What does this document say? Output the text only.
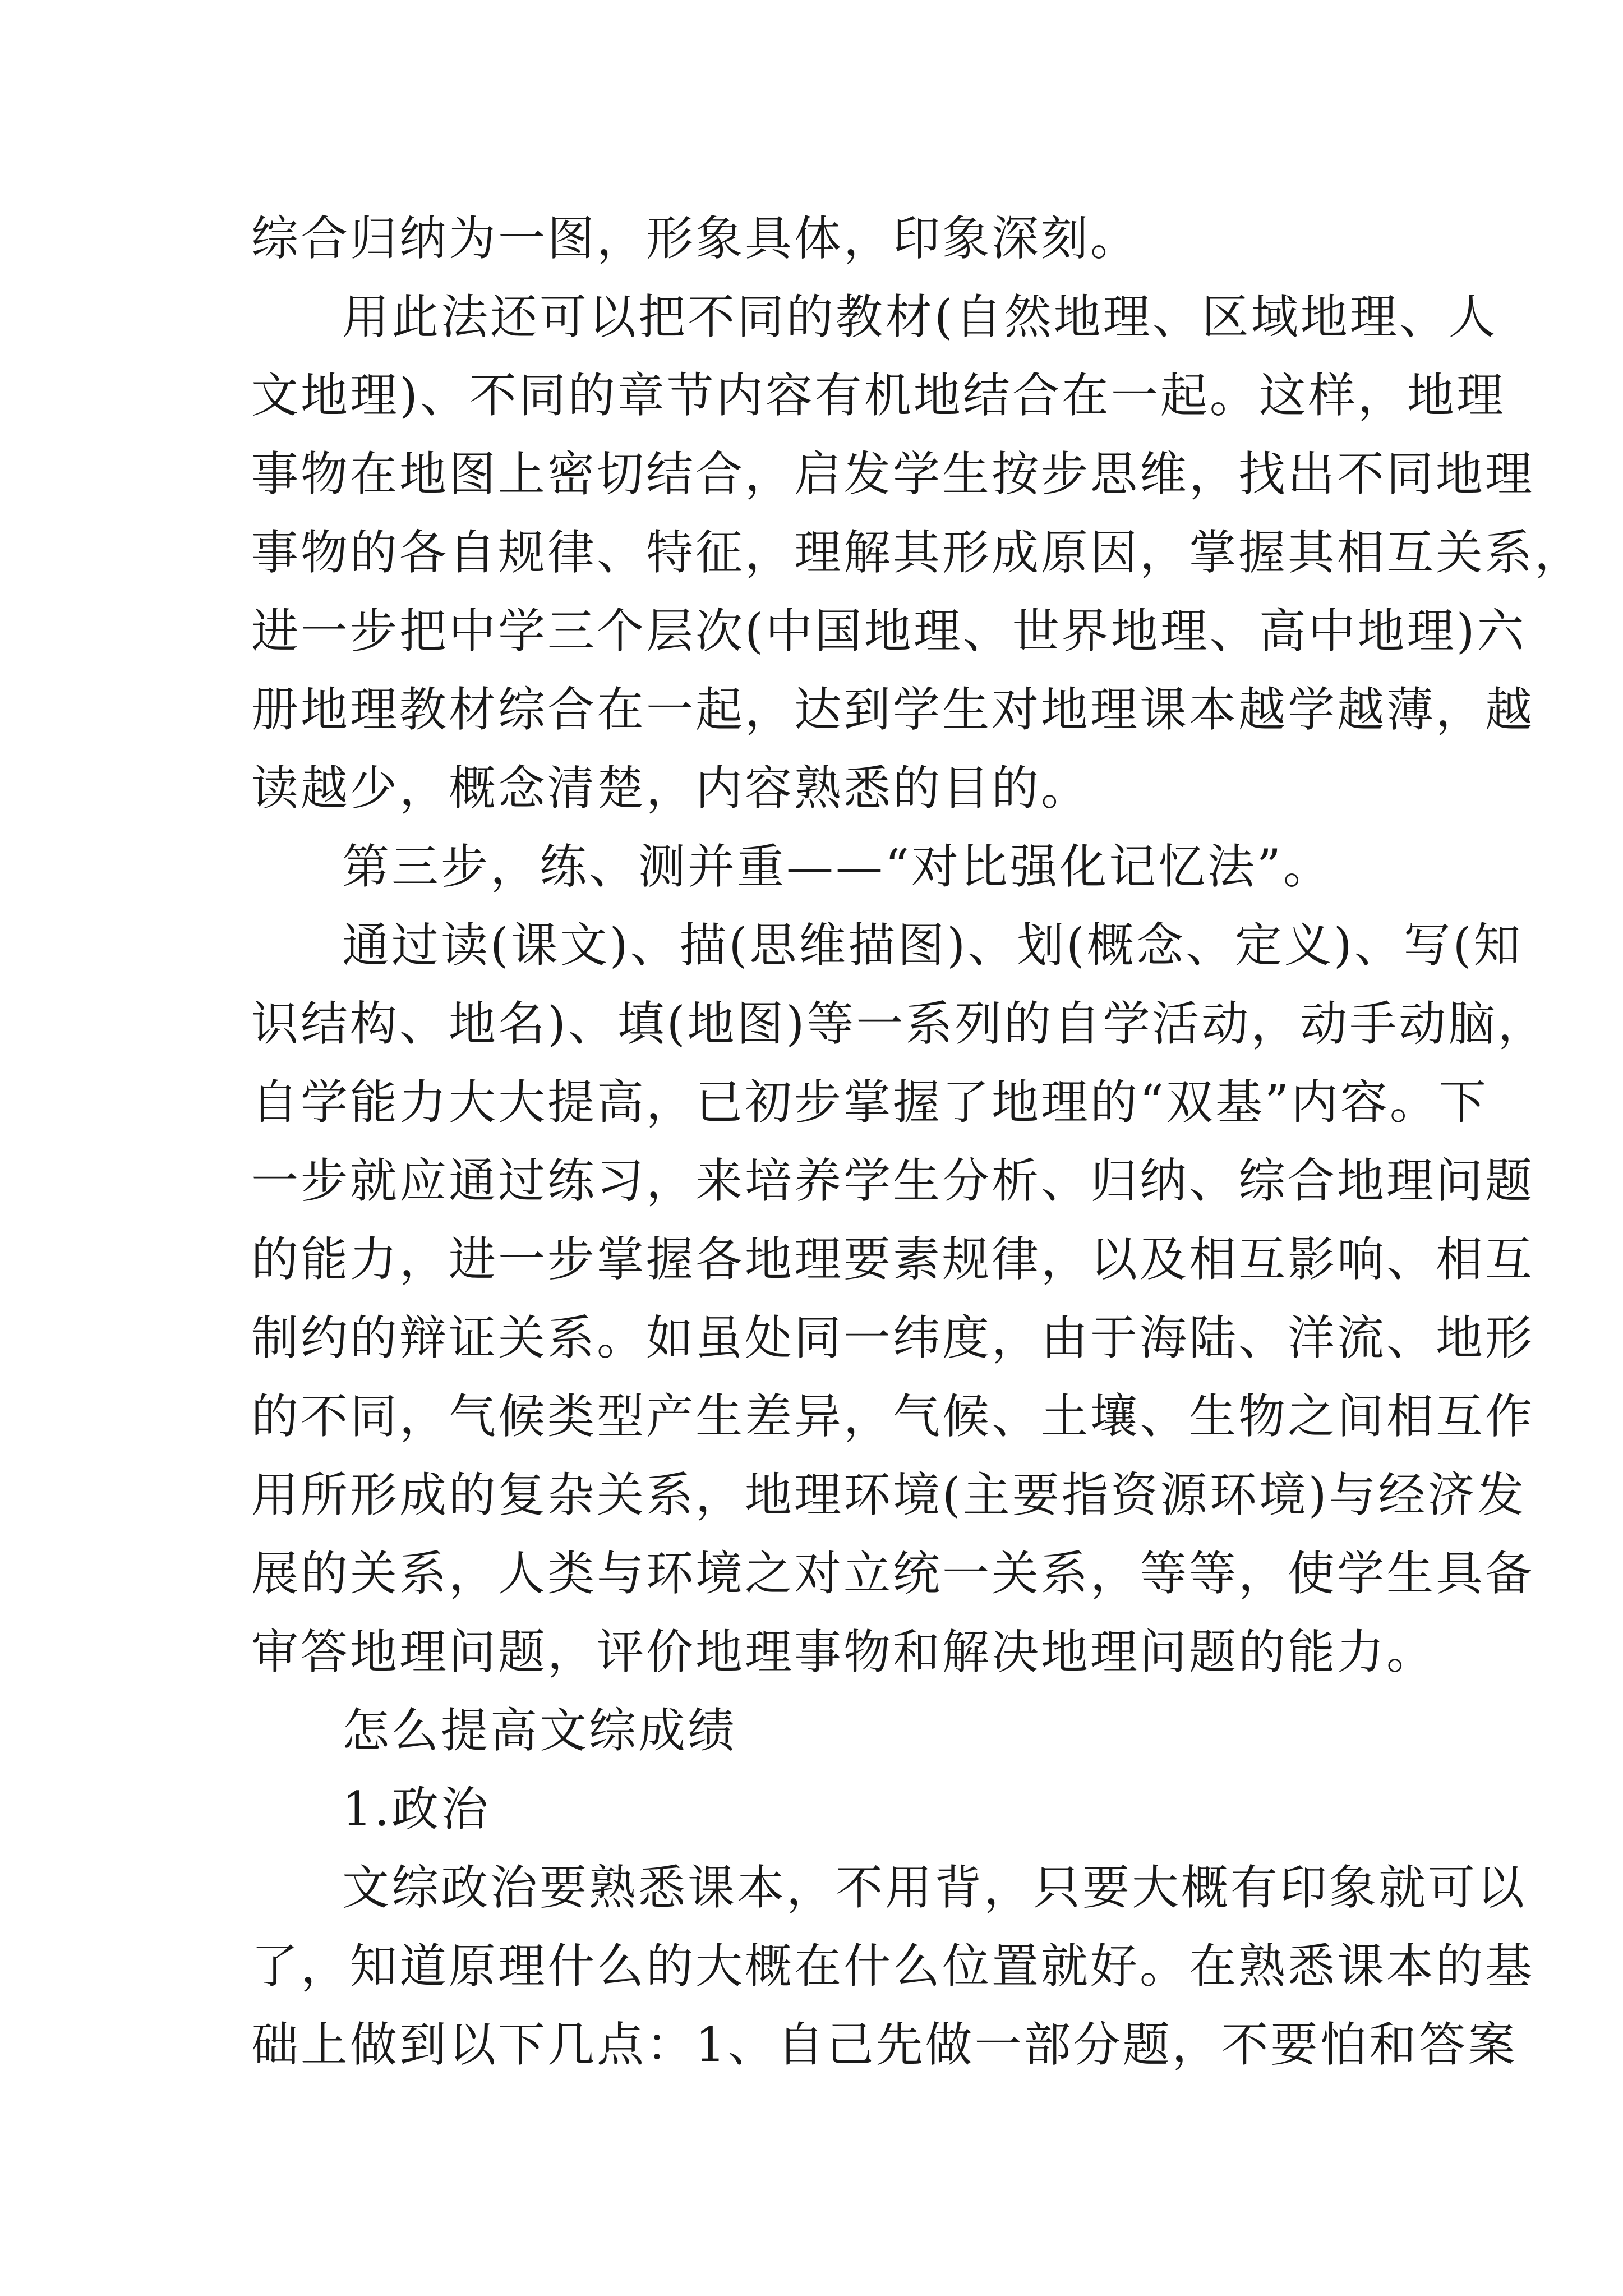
综合归纳为一图，形象具体，印象深刻。
用此法还可以把不同的教材(自然地理、区域地理、人
文地理)、不同的章节内容有机地结合在一起。这样，地理
事物在地图上密切结合，启发学生按步思维，找出不同地理
事物的各自规律、特征，理解其形成原因，掌握其相互关系，
进一步把中学三个层次(中国地理、世界地理、高中地理)六
册地理教材综合在一起，达到学生对地理课本越学越薄，越
读越少，概念清楚，内容熟悉的目的。
第三步，练、测并重——“对比强化记忆法”。
通过读(课文)、描(思维描图)、划(概念、定义)、写(知
识结构、地名)、填(地图)等一系列的自学活动，动手动脑，
自学能力大大提高，已初步掌握了地理的“双基”内容。下
一步就应通过练习，来培养学生分析、归纳、综合地理问题
的能力，进一步掌握各地理要素规律，以及相互影响、相互
制约的辩证关系。如虽处同一纬度，由于海陆、洋流、地形
的不同，气候类型产生差异，气候、土壤、生物之间相互作
用所形成的复杂关系，地理环境(主要指资源环境)与经济发
展的关系，人类与环境之对立统一关系，等等，使学生具备
审答地理问题，评价地理事物和解决地理问题的能力。
怎么提高文综成绩
1.政治
文综政治要熟悉课本，不用背，只要大概有印象就可以
了，知道原理什么的大概在什么位置就好。在熟悉课本的基
础上做到以下几点：1、自己先做一部分题，不要怕和答案
